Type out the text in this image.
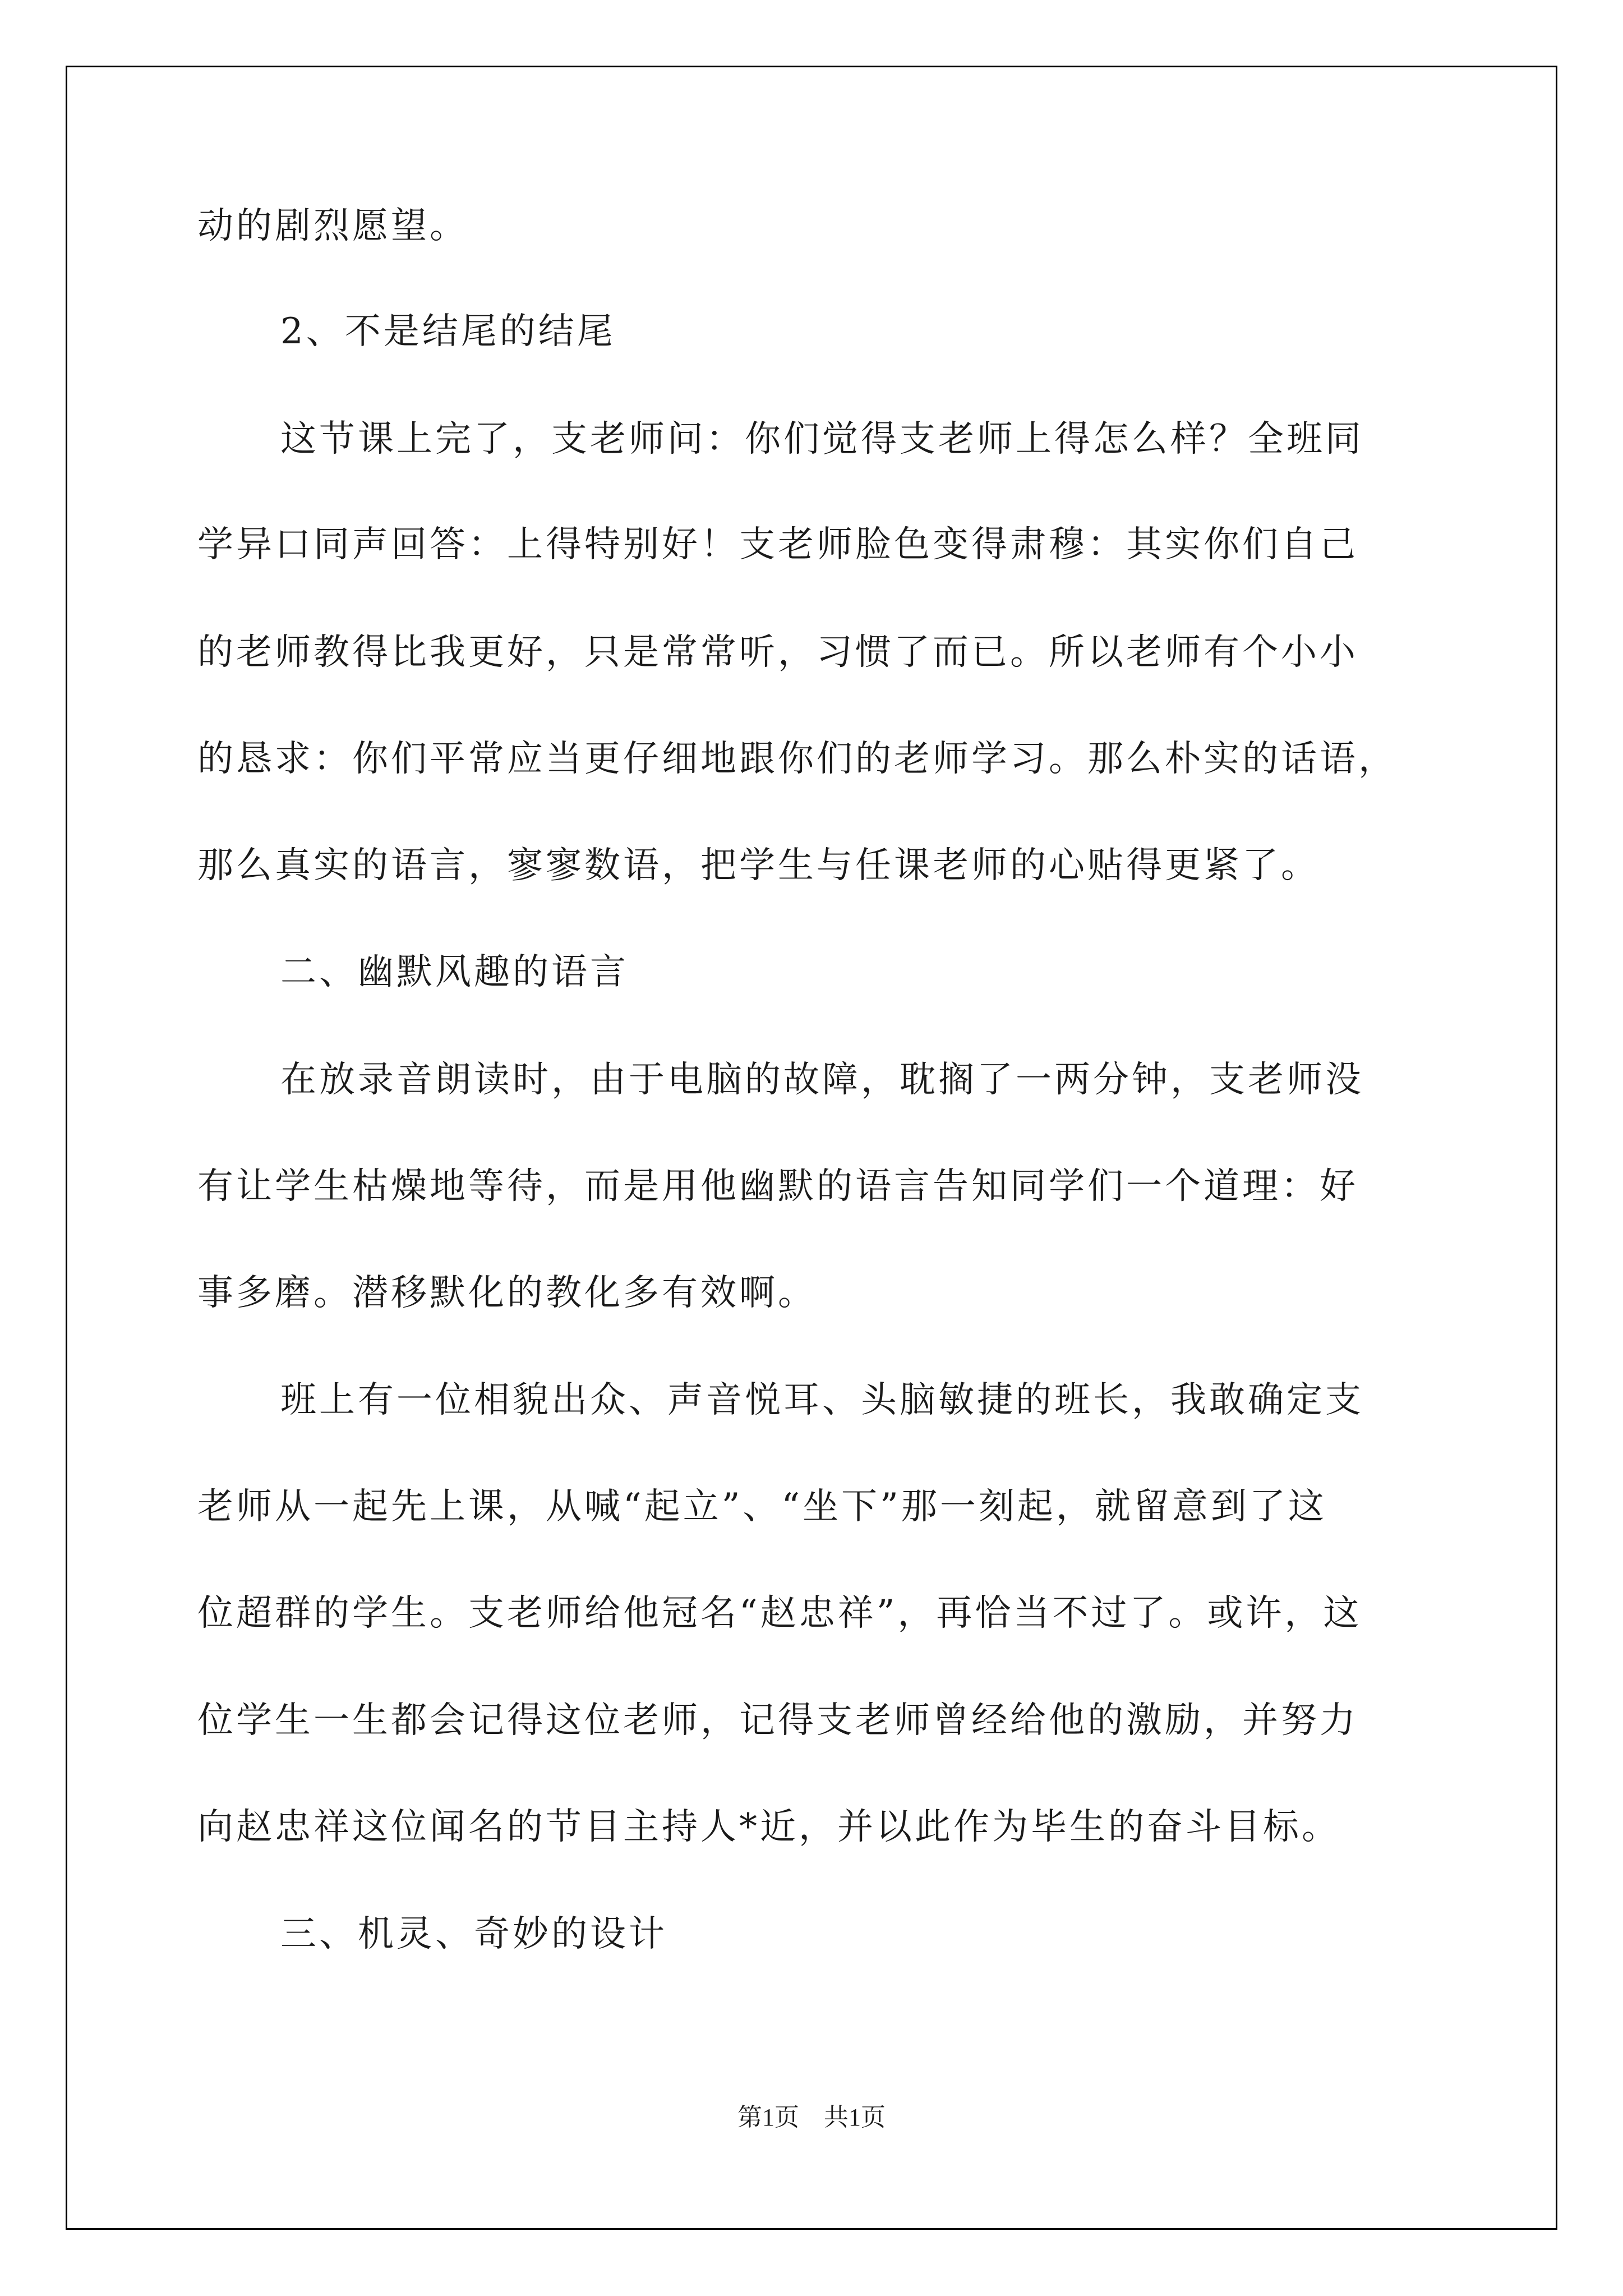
动的剧烈愿望。
2、不是结尾的结尾
这节课上完了，支老师问：你们觉得支老师上得怎么样？全班同
学异口同声回答：上得特别好！支老师脸色变得肃穆：其实你们自己
的老师教得比我更好，只是常常听，习惯了而已。所以老师有个小小
的恳求：你们平常应当更仔细地跟你们的老师学习。那么朴实的话语，
那么真实的语言，寥寥数语，把学生与任课老师的心贴得更紧了。
二、幽默风趣的语言
在放录音朗读时，由于电脑的故障，耽搁了一两分钟，支老师没
有让学生枯燥地等待，而是用他幽默的语言告知同学们一个道理：好
事多磨。潜移默化的教化多有效啊。
班上有一位相貌出众、声音悦耳、头脑敏捷的班长，我敢确定支
老师从一起先上课，从喊“起立”、“坐下”那一刻起，就留意到了这
位超群的学生。支老师给他冠名“赵忠祥”，再恰当不过了。或许，这
位学生一生都会记得这位老师，记得支老师曾经给他的激励，并努力
向赵忠祥这位闻名的节目主持人*近，并以此作为毕生的奋斗目标。
三、机灵、奇妙的设计
第1页　共1页
